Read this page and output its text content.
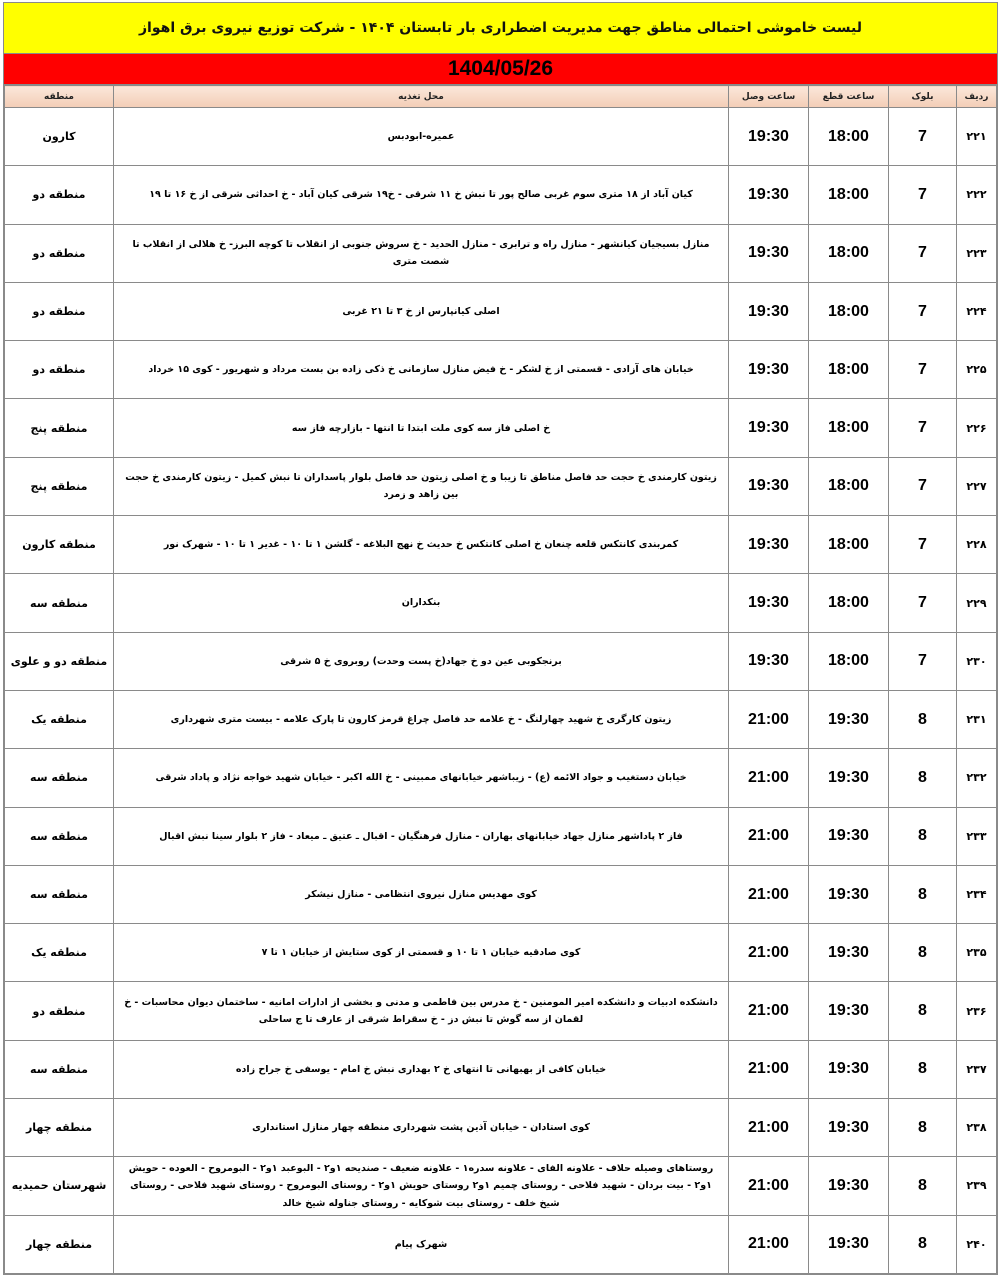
لیست خاموشی احتمالی مناطق جهت مدیریت اضطراری بار تابستان ۱۴۰۴ - شرکت توزیع نیروی برق اهواز
1404/05/26
ردیف	بلوک	ساعت قطع	ساعت وصل	محل تغذیه	منطقه
۲۲۱	7	18:00	19:30	عمیره-ابودبس	کارون
۲۲۲	7	18:00	19:30	کیان آباد از ۱۸ متری سوم غربی صالح پور تا نبش خ ۱۱ شرقی - خ۱۹ شرقی کیان آباد - خ احداثی شرقی از خ ۱۶ تا ۱۹	منطقه دو
۲۲۳	7	18:00	19:30	منازل بسیجیان کیانشهر - منازل راه و ترابری - منازل الحدید - خ سروش جنوبی از انقلاب تا کوچه البرز- خ هلالی از انقلاب تا شصت متری	منطقه دو
۲۲۴	7	18:00	19:30	اصلی کیانپارس از خ ۳ تا ۲۱ غربی	منطقه دو
۲۲۵	7	18:00	19:30	خیابان های آزادی - قسمتی از خ لشکر - خ فیض منازل سازمانی خ ذکی زاده بن بست مرداد و شهریور - کوی ۱۵ خرداد	منطقه دو
۲۲۶	7	18:00	19:30	خ اصلی فاز سه کوی ملت ابتدا تا انتها - بازارچه فاز سه	منطقه پنج
۲۲۷	7	18:00	19:30	زیتون کارمندی خ حجت حد فاصل مناطق تا زیبا و خ اصلی زیتون حد فاصل بلوار پاسداران تا نبش کمیل - زیتون کارمندی خ حجت بین زاهد و زمرد	منطقه پنج
۲۲۸	7	18:00	19:30	کمربندی کانتکس قلعه چنعان خ اصلی کانتکس خ حدیث خ نهج البلاغه - گلشن ۱ تا ۱۰ - غدیر ۱ تا ۱۰ - شهرک نور	منطقه کارون
۲۲۹	7	18:00	19:30	بنکداران	منطقه سه
۲۳۰	7	18:00	19:30	برنجکوبی عین دو خ جهاد(خ پست وحدت) روبروی خ ۵ شرقی	منطقه دو و علوی
۲۳۱	8	19:30	21:00	زیتون کارگری خ شهید چهارلنگ - خ علامه حد فاصل چراغ قرمز کارون تا پارک علامه - بیست متری شهرداری	منطقه یک
۲۳۲	8	19:30	21:00	خیابان دستغیب و جواد الائمه (ع) - زیباشهر خیابانهای ممبینی - خ الله اکبر - خیابان شهید خواجه نژاد و پاداد شرقی	منطقه سه
۲۳۳	8	19:30	21:00	فاز ۲ پاداشهر منازل جهاد خیابانهای بهاران - منازل فرهنگیان - اقبال ـ عتیق ـ میعاد - فاز ۲ بلوار سینا نبش اقبال	منطقه سه
۲۳۴	8	19:30	21:00	کوی مهدیس منازل نیروی انتظامی - منازل نیشکر	منطقه سه
۲۳۵	8	19:30	21:00	کوی صادقیه خیابان ۱ تا ۱۰ و قسمتی از کوی ستایش از خیابان ۱ تا ۷	منطقه یک
۲۳۶	8	19:30	21:00	دانشکده ادبیات و دانشکده امیر المومنین - خ مدرس بین فاطمی و مدنی و بخشی از ادارات امانیه - ساختمان دیوان محاسبات - خ لقمان از سه گوش تا نبش دز - خ سقراط شرقی از عارف تا ج ساحلی	منطقه دو
۲۳۷	8	19:30	21:00	خیابان کافی از بهبهانی تا انتهای خ ۲ بهداری نبش خ امام - یوسفی خ جراح زاده	منطقه سه
۲۳۸	8	19:30	21:00	کوی استادان - خیابان آذین پشت شهرداری منطقه چهار منازل استانداری	منطقه چهار
۲۳۹	8	19:30	21:00	روستاهای وصیله حلاف - علاونه الفای - علاونه سدره۱ - علاونه ضعیف - صندیحه ۱و۲ - البوعبد ۱و۲ - البومروح - العوده - حویش ۱و۲ - بیت بردان - شهید فلاحی - روستای چمیم ۱و۲ روستای حویش ۱و۲ - روستای البومروح - روستای شهید فلاحی - روستای شیخ خلف - روستای بیت شوکایه - روستای جناوله شیخ خالد	شهرستان حمیدیه
۲۴۰	8	19:30	21:00	شهرک پیام	منطقه چهار
